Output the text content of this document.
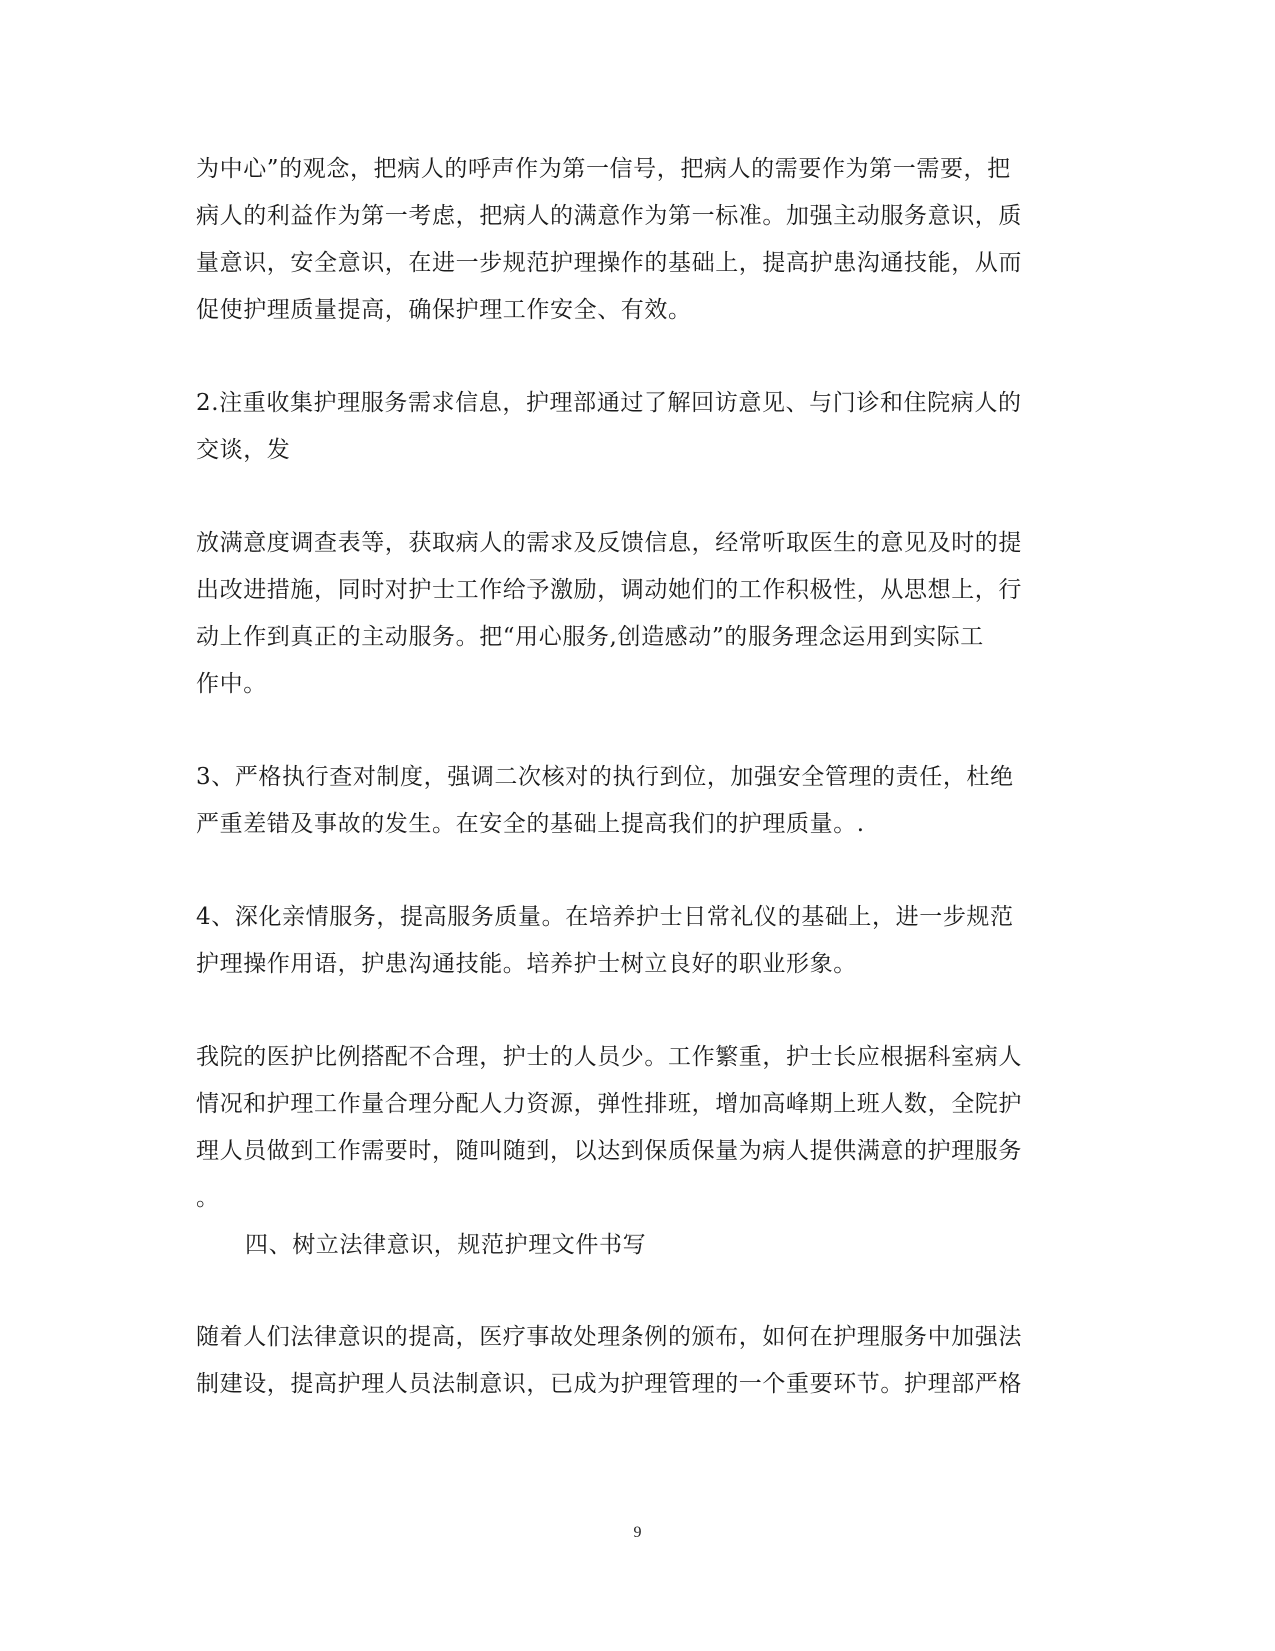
为中心”的观念，把病人的呼声作为第一信号，把病人的需要作为第一需要，把
病人的利益作为第一考虑，把病人的满意作为第一标准。加强主动服务意识，质
量意识，安全意识，在进一步规范护理操作的基础上，提高护患沟通技能，从而
促使护理质量提高，确保护理工作安全、有效。
2.注重收集护理服务需求信息，护理部通过了解回访意见、与门诊和住院病人的
交谈，发
放满意度调查表等，获取病人的需求及反馈信息，经常听取医生的意见及时的提
出改进措施，同时对护士工作给予激励，调动她们的工作积极性，从思想上，行
动上作到真正的主动服务。把“用心服务,创造感动”的服务理念运用到实际工
作中。
3、严格执行查对制度，强调二次核对的执行到位，加强安全管理的责任，杜绝
严重差错及事故的发生。在安全的基础上提高我们的护理质量。.
4、深化亲情服务，提高服务质量。在培养护士日常礼仪的基础上，进一步规范
护理操作用语，护患沟通技能。培养护士树立良好的职业形象。
我院的医护比例搭配不合理，护士的人员少。工作繁重，护士长应根据科室病人
情况和护理工作量合理分配人力资源，弹性排班，增加高峰期上班人数，全院护
理人员做到工作需要时，随叫随到，以达到保质保量为病人提供满意的护理服务
。
四、树立法律意识，规范护理文件书写
随着人们法律意识的提高，医疗事故处理条例的颁布，如何在护理服务中加强法
制建设，提高护理人员法制意识，已成为护理管理的一个重要环节。护理部严格
9
